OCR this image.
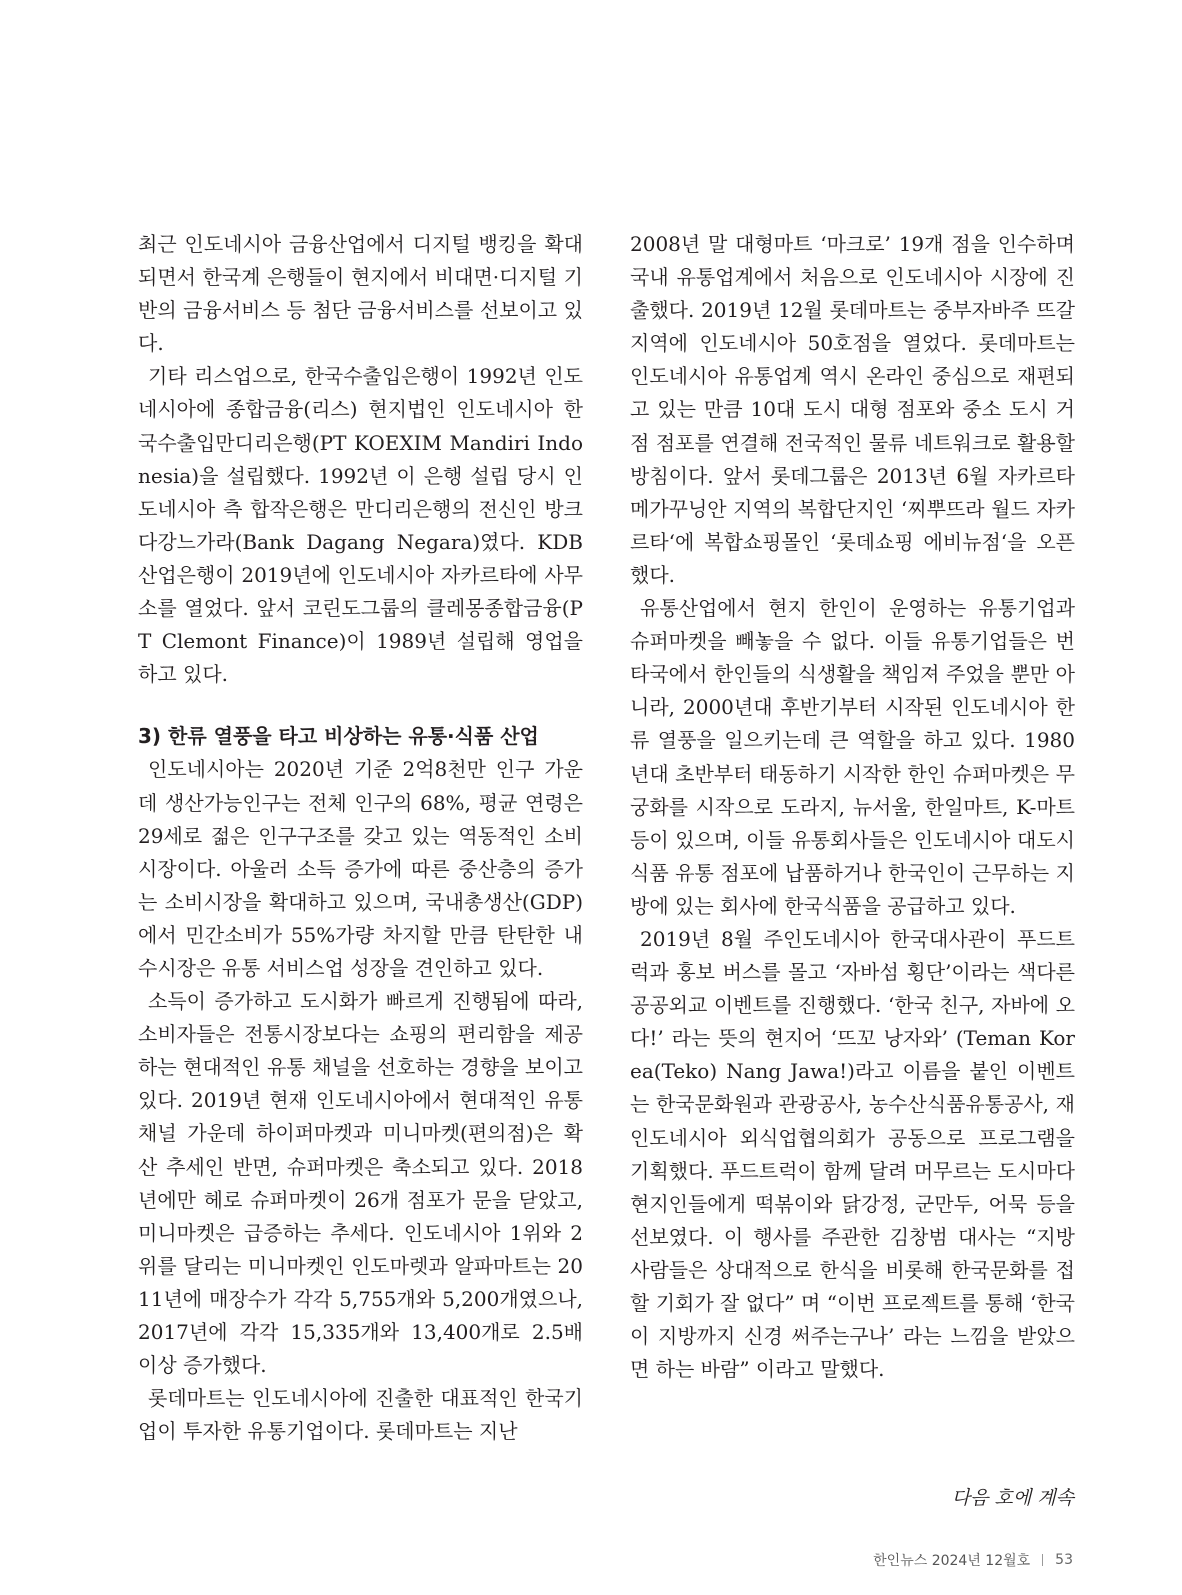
최근 인도네시아 금융산업에서 디지털 뱅킹을 확대되면서 한국계 은행들이 현지에서 비대면·디지털 기반의 금융서비스 등 첨단 금융서비스를 선보이고 있다.

기타 리스업으로, 한국수출입은행이 1992년 인도네시아에 종합금융(리스) 현지법인 인도네시아 한국수출입만디리은행(PT KOEXIM Mandiri Indonesia)을 설립했다. 1992년 이 은행 설립 당시 인도네시아 측 합작은행은 만디리은행의 전신인 방크다강느가라(Bank Dagang Negara)였다. KDB산업은행이 2019년에 인도네시아 자카르타에 사무소를 열었다. 앞서 코린도그룹의 클레몽종합금융(PT Clemont Finance)이 1989년 설립해 영업을 하고 있다.

3) 한류 열풍을 타고 비상하는 유통·식품 산업

인도네시아는 2020년 기준 2억8천만 인구 가운데 생산가능인구는 전체 인구의 68%, 평균 연령은 29세로 젊은 인구구조를 갖고 있는 역동적인 소비시장이다. 아울러 소득 증가에 따른 중산층의 증가는 소비시장을 확대하고 있으며, 국내총생산(GDP)에서 민간소비가 55%가량 차지할 만큼 탄탄한 내수시장은 유통 서비스업 성장을 견인하고 있다.

소득이 증가하고 도시화가 빠르게 진행됨에 따라, 소비자들은 전통시장보다는 쇼핑의 편리함을 제공하는 현대적인 유통 채널을 선호하는 경향을 보이고 있다. 2019년 현재 인도네시아에서 현대적인 유통 채널 가운데 하이퍼마켓과 미니마켓(편의점)은 확산 추세인 반면, 슈퍼마켓은 축소되고 있다. 2018년에만 헤로 슈퍼마켓이 26개 점포가 문을 닫았고, 미니마켓은 급증하는 추세다. 인도네시아 1위와 2위를 달리는 미니마켓인 인도마렛과 알파마트는 2011년에 매장수가 각각 5,755개와 5,200개였으나, 2017년에 각각 15,335개와 13,400개로 2.5배 이상 증가했다.

롯데마트는 인도네시아에 진출한 대표적인 한국기업이 투자한 유통기업이다. 롯데마트는 지난

2008년 말 대형마트 ‘마크로’ 19개 점을 인수하며 국내 유통업계에서 처음으로 인도네시아 시장에 진출했다. 2019년 12월 롯데마트는 중부자바주 뜨갈 지역에 인도네시아 50호점을 열었다. 롯데마트는 인도네시아 유통업계 역시 온라인 중심으로 재편되고 있는 만큼 10대 도시 대형 점포와 중소 도시 거점 점포를 연결해 전국적인 물류 네트워크로 활용할 방침이다. 앞서 롯데그룹은 2013년 6월 자카르타 메가꾸닝안 지역의 복합단지인 ‘찌뿌뜨라 월드 자카르타‘에 복합쇼핑몰인 ‘롯데쇼핑 에비뉴점‘을 오픈했다.

유통산업에서 현지 한인이 운영하는 유통기업과 슈퍼마켓을 빼놓을 수 없다. 이들 유통기업들은 번 타국에서 한인들의 식생활을 책임져 주었을 뿐만 아니라, 2000년대 후반기부터 시작된 인도네시아 한류 열풍을 일으키는데 큰 역할을 하고 있다. 1980년대 초반부터 태동하기 시작한 한인 슈퍼마켓은 무궁화를 시작으로 도라지, 뉴서울, 한일마트, K-마트 등이 있으며, 이들 유통회사들은 인도네시아 대도시 식품 유통 점포에 납품하거나 한국인이 근무하는 지방에 있는 회사에 한국식품을 공급하고 있다.

2019년 8월 주인도네시아 한국대사관이 푸드트럭과 홍보 버스를 몰고 ‘자바섬 횡단’이라는 색다른 공공외교 이벤트를 진행했다. ‘한국 친구, 자바에 오다!’ 라는 뜻의 현지어 ‘뜨꼬 낭자와’ (Teman Korea(Teko) Nang Jawa!)라고 이름을 붙인 이벤트는 한국문화원과 관광공사, 농수산식품유통공사, 재인도네시아 외식업협의회가 공동으로 프로그램을 기획했다. 푸드트럭이 함께 달려 머무르는 도시마다 현지인들에게 떡볶이와 닭강정, 군만두, 어묵 등을 선보였다. 이 행사를 주관한 김창범 대사는 “지방 사람들은 상대적으로 한식을 비롯해 한국문화를 접할 기회가 잘 없다” 며 “이번 프로젝트를 통해 ‘한국이 지방까지 신경 써주는구나’ 라는 느낌을 받았으면 하는 바람” 이라고 말했다.

다음 호에 계속

한인뉴스 2024년 12월호 53
